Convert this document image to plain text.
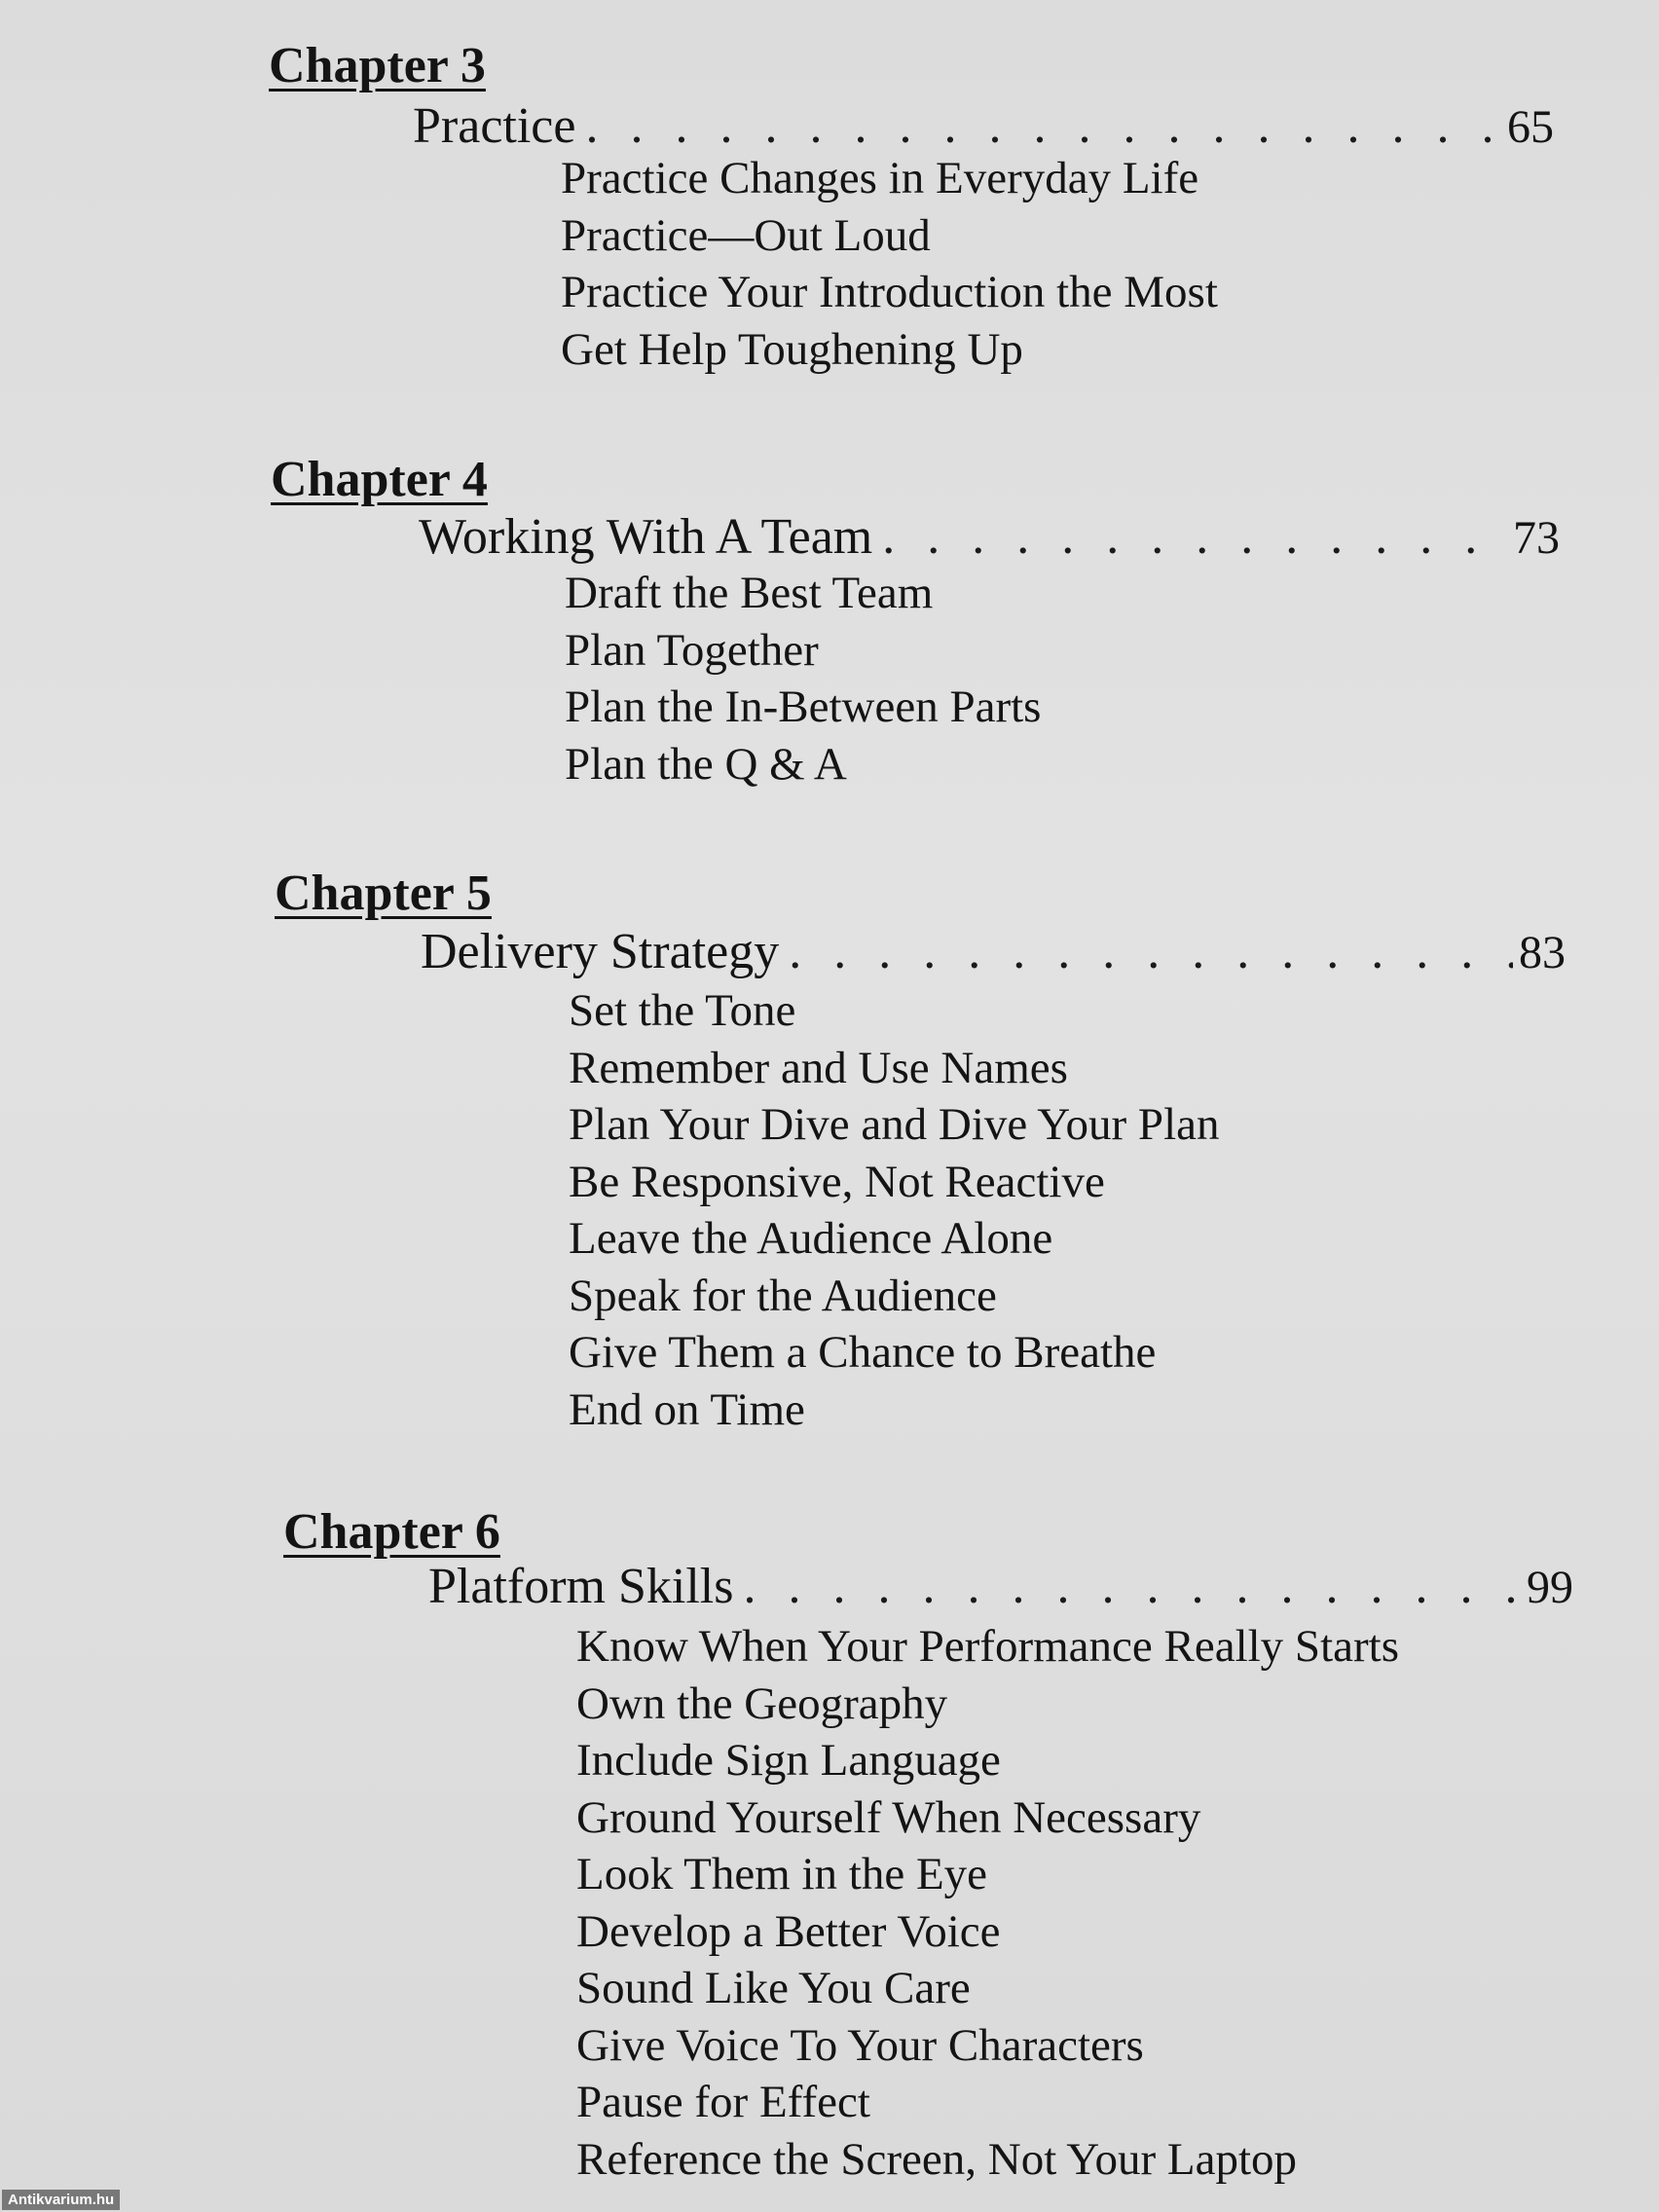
Chapter 3
Practice . . .	65
Practice Changes in Everyday Life
Practice—Out Loud
Practice Your Introduction the Most
Get Help Toughening Up
Chapter 4
Working With A Team . . .	73
Draft the Best Team
Plan Together
Plan the In-Between Parts
Plan the Q & A
Chapter 5
Delivery Strategy . . .	83
Set the Tone
Remember and Use Names
Plan Your Dive and Dive Your Plan
Be Responsive, Not Reactive
Leave the Audience Alone
Speak for the Audience
Give Them a Chance to Breathe
End on Time
Chapter 6
Platform Skills . . .	99
Know When Your Performance Really Starts
Own the Geography
Include Sign Language
Ground Yourself When Necessary
Look Them in the Eye
Develop a Better Voice
Sound Like You Care
Give Voice To Your Characters
Pause for Effect
Reference the Screen, Not Your Laptop
Antikvarium.hu
